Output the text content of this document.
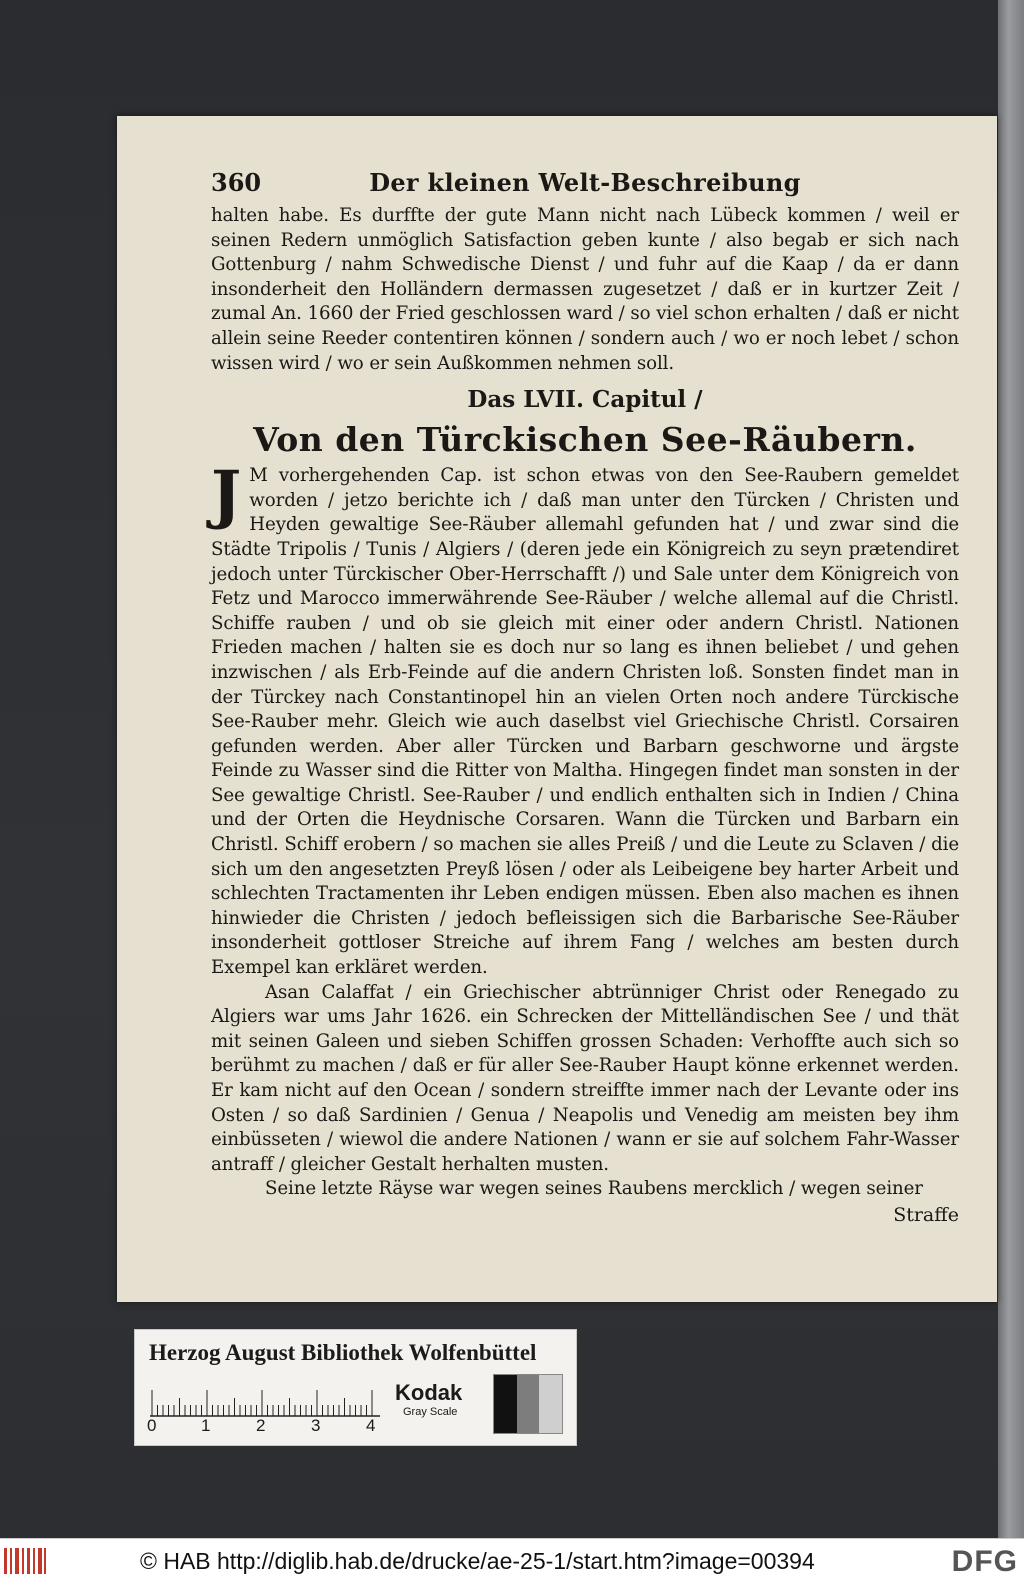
360	Der kleinen Welt-Beschreibung

halten habe. Es durffte der gute Mann nicht nach Lübeck kommen / weil er seinen Redern unmöglich Satisfaction geben kunte / also begab er sich nach Gottenburg / nahm Schwedische Dienst / und fuhr auf die Kaap / da er dann insonderheit den Holländern dermassen zugesetzet / daß er in kurtzer Zeit / zumal An. 1660 der Fried geschlossen ward / so viel schon erhalten / daß er nicht allein seine Reeder contentiren können / sondern auch / wo er noch lebet / schon wissen wird / wo er sein Außkommen nehmen soll.

Das LVII. Capitul /
Von den Türckischen See-Räubern.
J M vorhergehenden Cap. ist schon etwas von den See-Raubern gemeldet worden / jetzo berichte ich / daß man unter den Türcken / Christen und Heyden gewaltige See-Räuber allemahl gefunden hat / und zwar sind die Städte Tripolis / Tunis / Algiers / (deren jede ein Königreich zu seyn prætendiret jedoch unter Türckischer Ober-Herrschafft /) und Sale unter dem Königreich von Fetz und Marocco immerwährende See-Räuber / welche allemal auf die Christl. Schiffe rauben / und ob sie gleich mit einer oder andern Christl. Nationen Frieden machen / halten sie es doch nur so lang es ihnen beliebet / und gehen inzwischen / als Erb-Feinde auf die andern Christen loß. Sonsten findet man in der Türckey nach Constantinopel hin an vielen Orten noch andere Türckische See-Rauber mehr. Gleich wie auch daselbst viel Griechische Christl. Corsairen gefunden werden. Aber aller Türcken und Barbarn geschworne und ärgste Feinde zu Wasser sind die Ritter von Maltha. Hingegen findet man sonsten in der See gewaltige Christl. See-Rauber / und endlich enthalten sich in Indien / China und der Orten die Heydnische Corsaren. Wann die Türcken und Barbarn ein Christl. Schiff erobern / so machen sie alles Preiß / und die Leute zu Sclaven / die sich um den angesetzten Preyß lösen / oder als Leibeigene bey harter Arbeit und schlechten Tractamenten ihr Leben endigen müssen. Eben also machen es ihnen hinwieder die Christen / jedoch befleissigen sich die Barbarische See-Räuber insonderheit gottloser Streiche auf ihrem Fang / welches am besten durch Exempel kan erkläret werden.

Asan Calaffat / ein Griechischer abtrünniger Christ oder Renegado zu Algiers war ums Jahr 1626. ein Schrecken der Mittelländischen See / und thät mit seinen Galeen und sieben Schiffen grossen Schaden: Verhoffte auch sich so berühmt zu machen / daß er für aller See-Rauber Haupt könne erkennet werden. Er kam nicht auf den Ocean / sondern streiffte immer nach der Levante oder ins Osten / so daß Sardinien / Genua / Neapolis und Venedig am meisten bey ihm einbüsseten / wiewol die andere Nationen / wann er sie auf solchem Fahr-Wasser antraff / gleicher Gestalt herhalten musten.

Seine letzte Räyse war wegen seines Raubens mercklich / wegen seiner

Straffe
Herzog August Bibliothek Wolfenbüttel
0	1	2	3	4
Kodak
Gray Scale
© HAB http://diglib.hab.de/drucke/ae-25-1/start.htm?image=00394	DFG
